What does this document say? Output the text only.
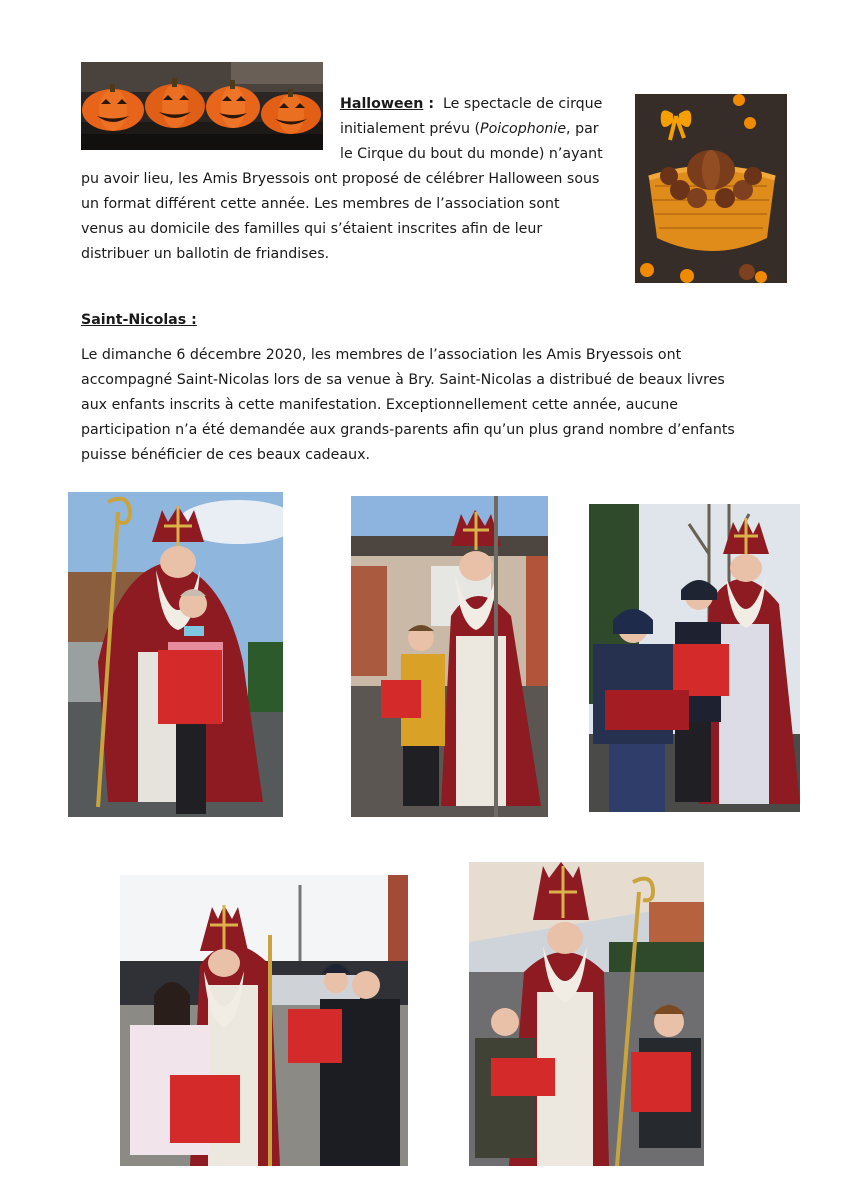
Halloween : Le spectacle de cirque
initialement prévu (Poicophonie, par
le Cirque du bout du monde) n’ayant
pu avoir lieu, les Amis Bryessois ont proposé de célébrer Halloween sous
un format différent cette année. Les membres de l’association sont
venus au domicile des familles qui s’étaient inscrites afin de leur
distribuer un ballotin de friandises.
Saint-Nicolas :
Le dimanche 6 décembre 2020, les membres de l’association les Amis Bryessois ont
accompagné Saint-Nicolas lors de sa venue à Bry. Saint-Nicolas a distribué de beaux livres
aux enfants inscrits à cette manifestation. Exceptionnellement cette année, aucune
participation n’a été demandée aux grands-parents afin qu’un plus grand nombre d’enfants
puisse bénéficier de ces beaux cadeaux.
